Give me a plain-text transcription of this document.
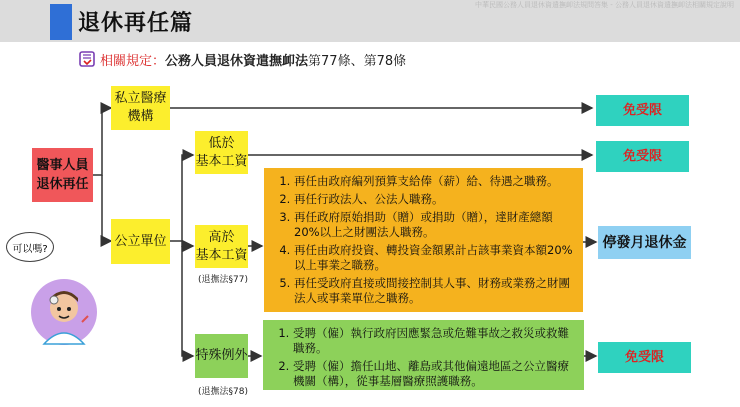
退休再任篇
中華民國公務人員退休資遣撫卹法規問答集 - 公務人員退休資遣撫卹法相關規定說明
相關規定：公務人員退休資遣撫卹法第77條、第78條
醫事人員
退休再任
私立醫療
機構
公立單位
低於
基本工資
高於
基本工資
(退撫法§77)
特殊例外
(退撫法§78)
1. 再任由政府編列預算支給俸（薪）給、待遇之職務。
2. 再任行政法人、公法人職務。
3. 再任政府原始捐助（贈）或捐助（贈），達財產總額20%以上之財團法人職務。
4. 再任由政府投資、轉投資金額累計占該事業資本額20%以上事業之職務。
5. 再任受政府直接或間接控制其人事、財務或業務之財團法人或事業單位之職務。
1. 受聘（僱）執行政府因應緊急或危難事故之救災或救難職務。
2. 受聘（僱）擔任山地、離島或其他偏遠地區之公立醫療機關（構），從事基層醫療照護職務。
免受限
免受限
停發月退休金
免受限
可以嗎?
